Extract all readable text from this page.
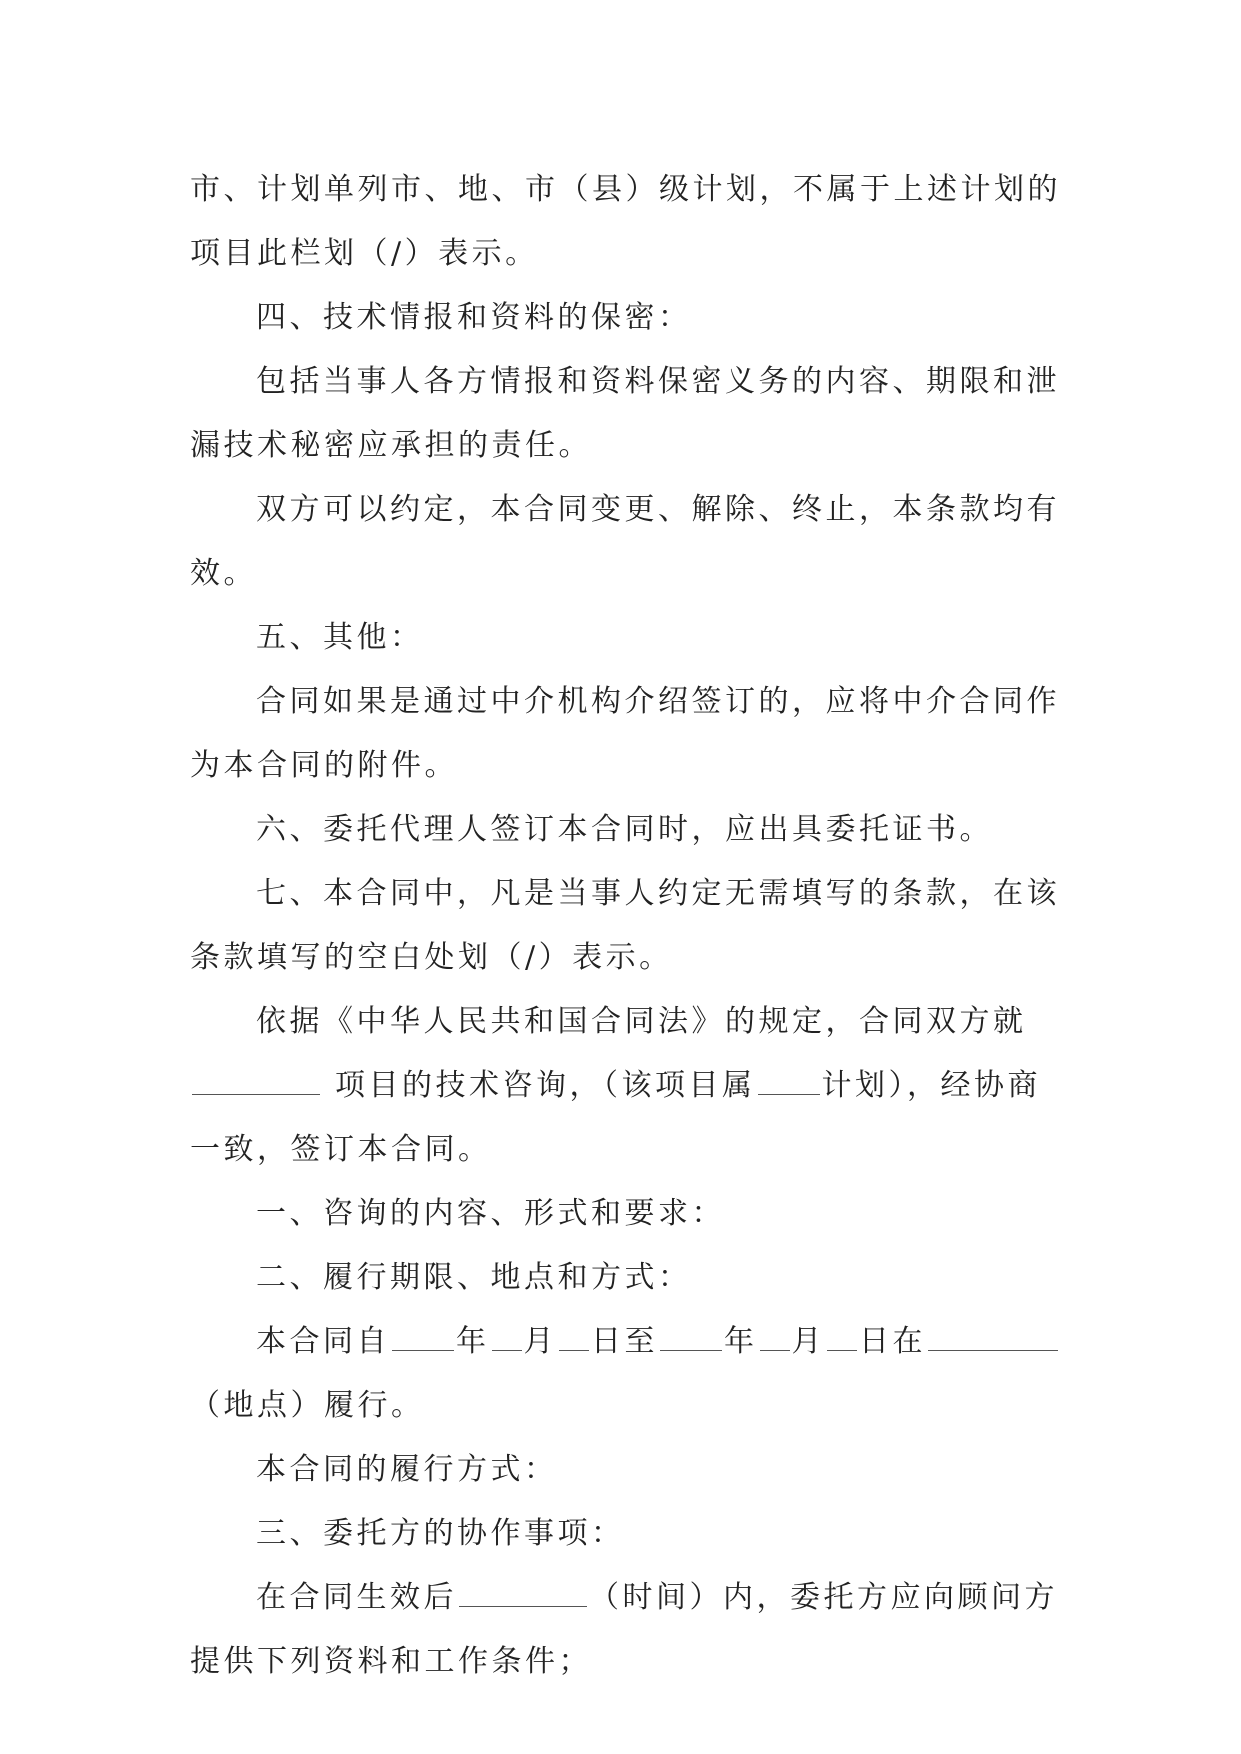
市、计划单列市、地、市（县）级计划，不属于上述计划的
项目此栏划（/）表示。
四、技术情报和资料的保密：
包括当事人各方情报和资料保密义务的内容、期限和泄
漏技术秘密应承担的责任。
双方可以约定，本合同变更、解除、终止，本条款均有
效。
五、其他：
合同如果是通过中介机构介绍签订的，应将中介合同作
为本合同的附件。
六、委托代理人签订本合同时，应出具委托证书。
七、本合同中，凡是当事人约定无需填写的条款，在该
条款填写的空白处划（/）表示。
依据《中华人民共和国合同法》的规定，合同双方就
项目的技术咨询，（该项目属 计划），经协商
一致，签订本合同。
一、咨询的内容、形式和要求：
二、履行期限、地点和方式：
本合同自 年 月 日至 年 月 日在
（地点）履行。
本合同的履行方式：
三、委托方的协作事项：
在合同生效后	（时间）内，委托方应向顾问方
提供下列资料和工作条件；
